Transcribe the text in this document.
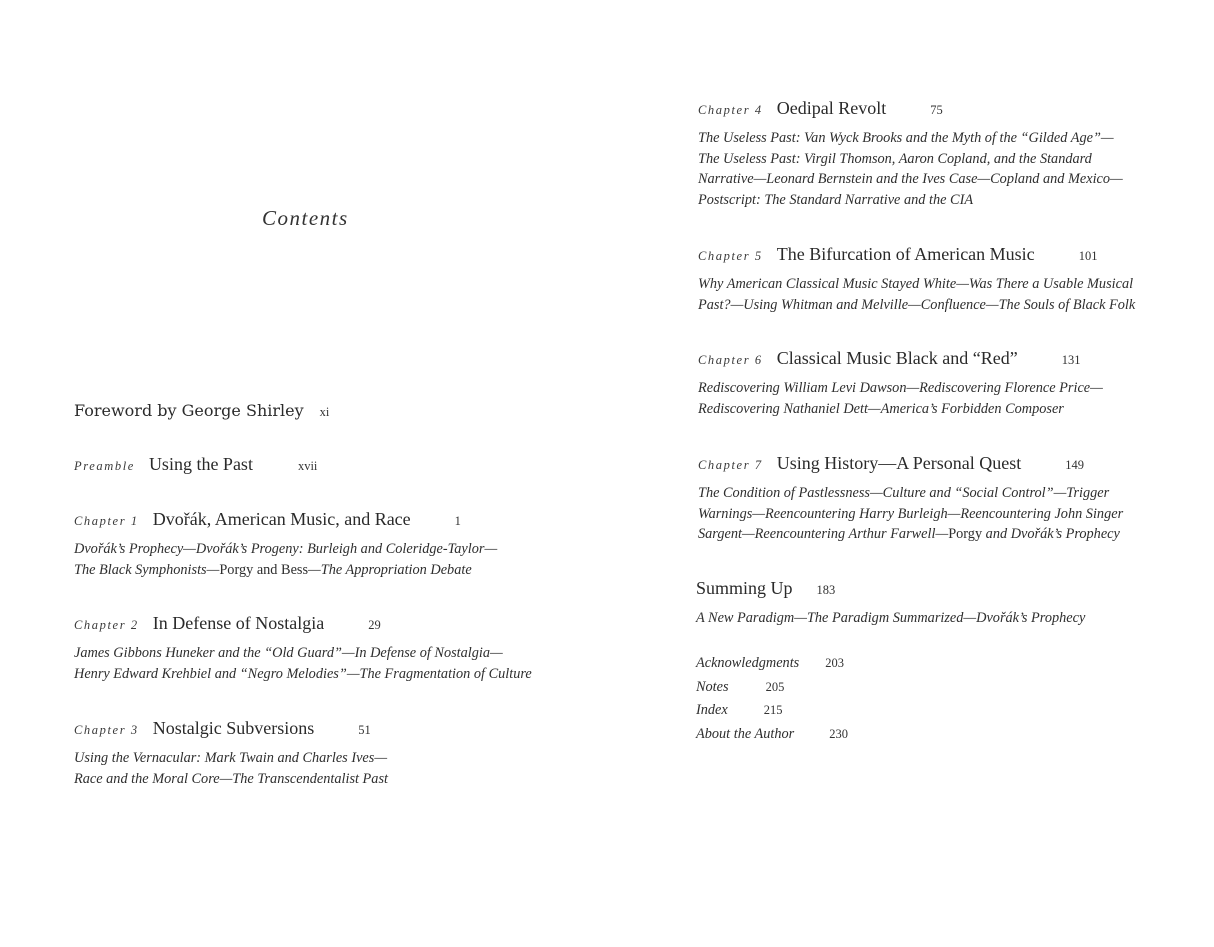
Contents
Foreword by George Shirley xi
Preamble Using the Past	xvii
Chapter 1 Dvořák, American Music, and Race	1
Dvořák’s Prophecy—Dvořák’s Progeny: Burleigh and Coleridge-Taylor—
The Black Symphonists—Porgy and Bess—The Appropriation Debate
Chapter 2 In Defense of Nostalgia	29
James Gibbons Huneker and the “Old Guard”—In Defense of Nostalgia—
Henry Edward Krehbiel and “Negro Melodies”—The Fragmentation of Culture
Chapter 3 Nostalgic Subversions	51
Using the Vernacular: Mark Twain and Charles Ives—
Race and the Moral Core—The Transcendentalist Past
Chapter 4 Oedipal Revolt	75
The Useless Past: Van Wyck Brooks and the Myth of the “Gilded Age”—
The Useless Past: Virgil Thomson, Aaron Copland, and the Standard
Narrative—Leonard Bernstein and the Ives Case—Copland and Mexico—
Postscript: The Standard Narrative and the CIA
Chapter 5 The Bifurcation of American Music	101
Why American Classical Music Stayed White—Was There a Usable Musical
Past?—Using Whitman and Melville—Confluence—The Souls of Black Folk
Chapter 6 Classical Music Black and “Red”	131
Rediscovering William Levi Dawson—Rediscovering Florence Price—
Rediscovering Nathaniel Dett—America’s Forbidden Composer
Chapter 7 Using History—A Personal Quest	149
The Condition of Pastlessness—Culture and “Social Control”—Trigger
Warnings—Reencountering Harry Burleigh—Reencountering John Singer
Sargent—Reencountering Arthur Farwell—Porgy and Dvořák’s Prophecy
Summing Up 183
A New Paradigm—The Paradigm Summarized—Dvořák’s Prophecy
Acknowledgments 203
Notes	205
Index	215
About the Author	230
